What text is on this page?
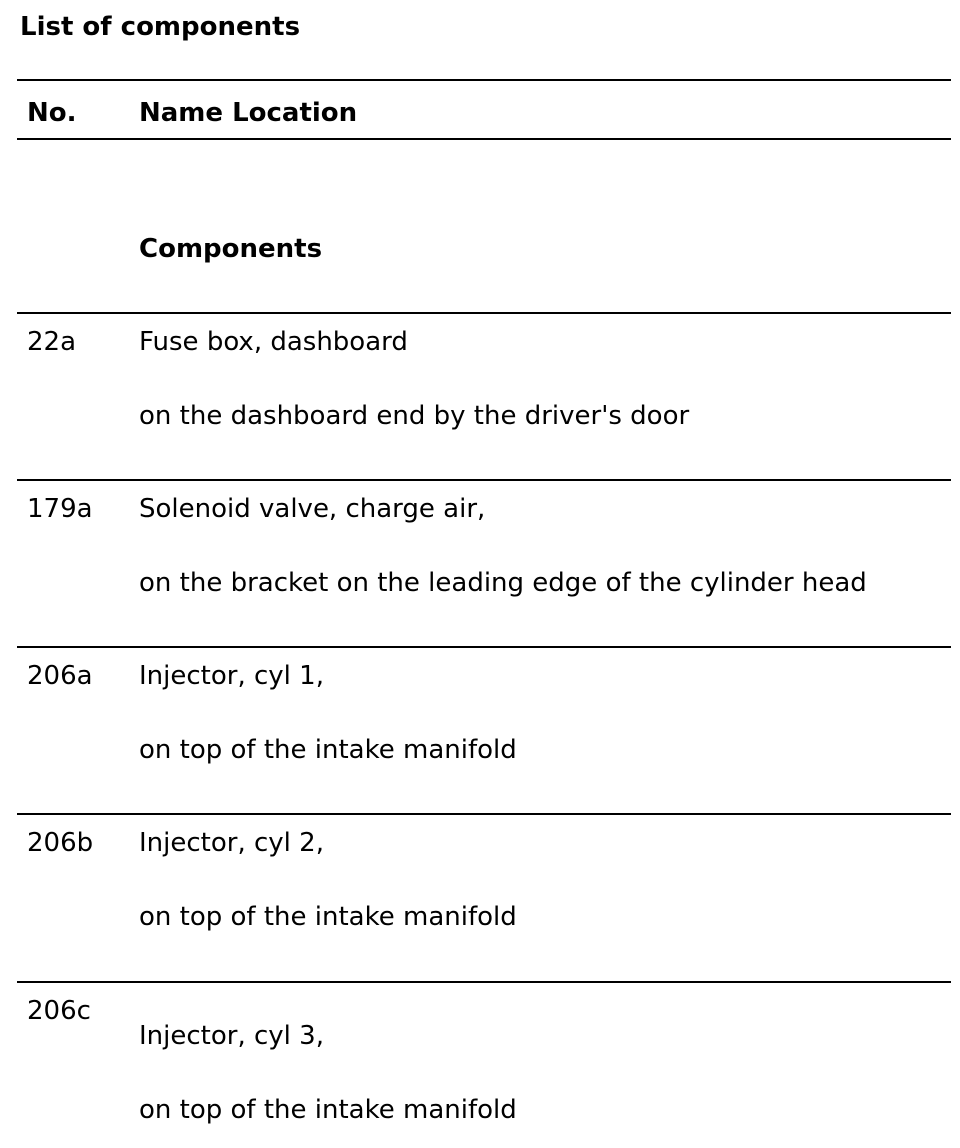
List of components
No. Name Location
Components
22a Fuse box, dashboard
on the dashboard end by the driver's door
179a Solenoid valve, charge air,
on the bracket on the leading edge of the cylinder head
206a Injector, cyl 1,
on top of the intake manifold
206b Injector, cyl 2,
on top of the intake manifold
206c
Injector, cyl 3,
on top of the intake manifold
